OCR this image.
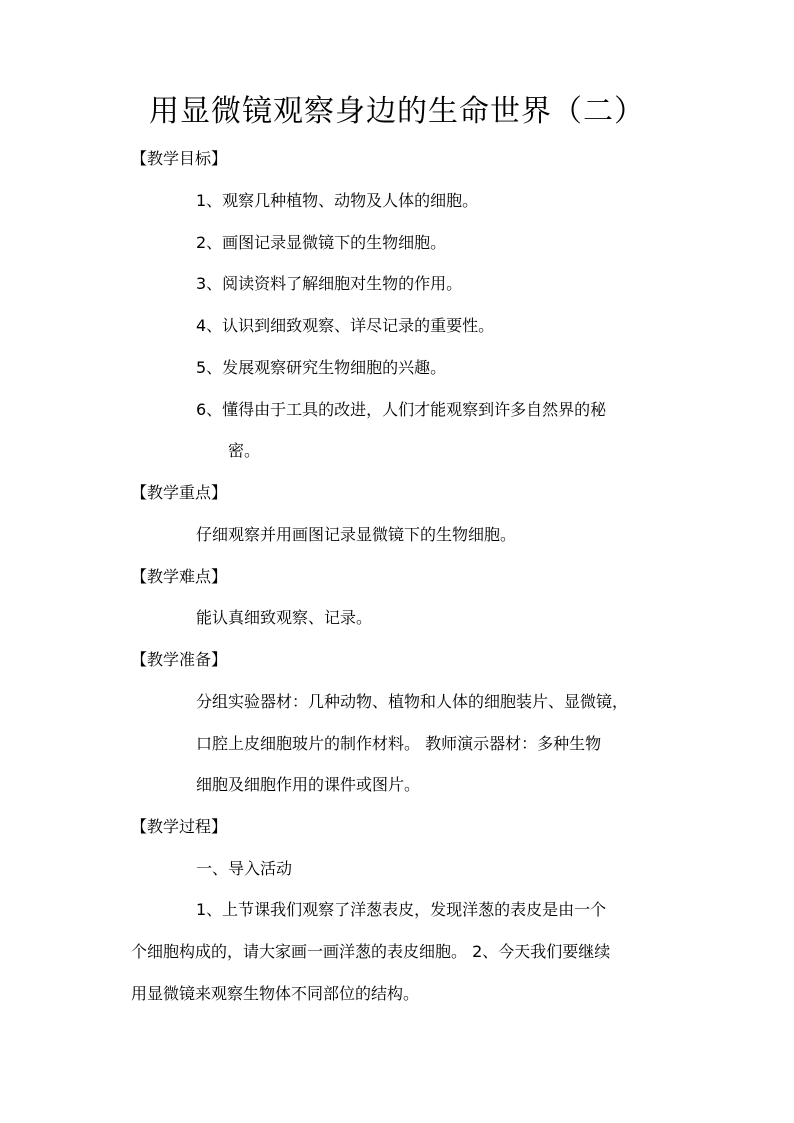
用显微镜观察身边的生命世界（二）
【教学目标】
1、观察几种植物、动物及人体的细胞。
2、画图记录显微镜下的生物细胞。
3、阅读资料了解细胞对生物的作用。
4、认识到细致观察、详尽记录的重要性。
5、发展观察研究生物细胞的兴趣。
6、懂得由于工具的改进，人们才能观察到许多自然界的秘
密。
【教学重点】
仔细观察并用画图记录显微镜下的生物细胞。
【教学难点】
能认真细致观察、记录。
【教学准备】
分组实验器材：几种动物、植物和人体的细胞装片、显微镜，
口腔上皮细胞玻片的制作材料。 教师演示器材：多种生物
细胞及细胞作用的课件或图片。
【教学过程】
一、导入活动
1、上节课我们观察了洋葱表皮，发现洋葱的表皮是由一个
个细胞构成的，请大家画一画洋葱的表皮细胞。 2、今天我们要继续
用显微镜来观察生物体不同部位的结构。
